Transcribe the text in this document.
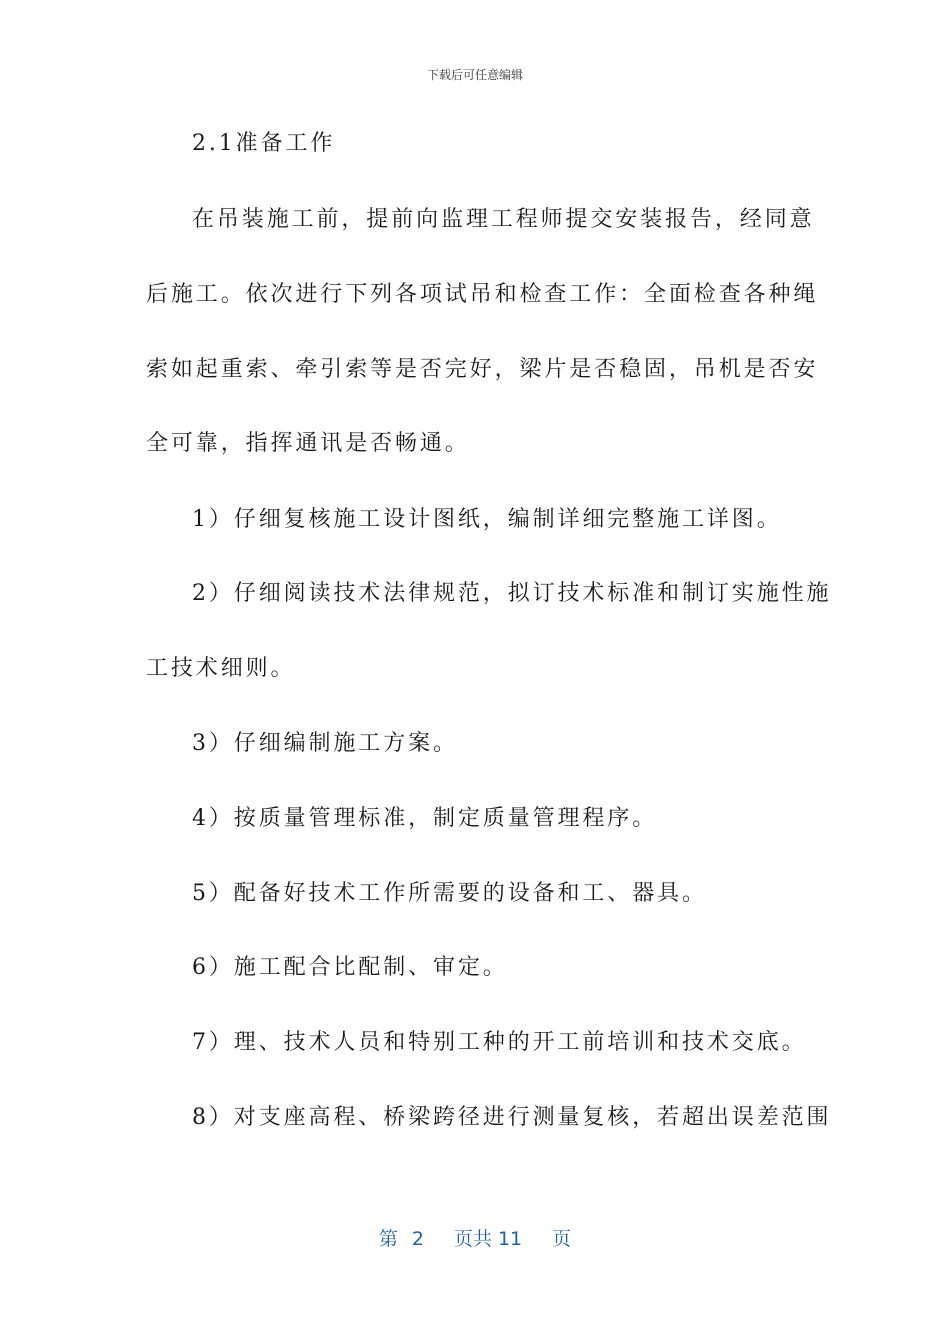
下载后可任意编辑
2.1准备工作
在吊装施工前，提前向监理工程师提交安装报告，经同意
后施工。依次进行下列各项试吊和检查工作：全面检查各种绳
索如起重索、牵引索等是否完好，梁片是否稳固，吊机是否安
全可靠，指挥通讯是否畅通。
1）仔细复核施工设计图纸，编制详细完整施工详图。
2）仔细阅读技术法律规范，拟订技术标准和制订实施性施
工技术细则。
3）仔细编制施工方案。
4）按质量管理标准，制定质量管理程序。
5）配备好技术工作所需要的设备和工、器具。
6）施工配合比配制、审定。
7）理、技术人员和特别工种的开工前培训和技术交底。
8）对支座高程、桥梁跨径进行测量复核，若超出误差范围
第 2 页共 11 页
